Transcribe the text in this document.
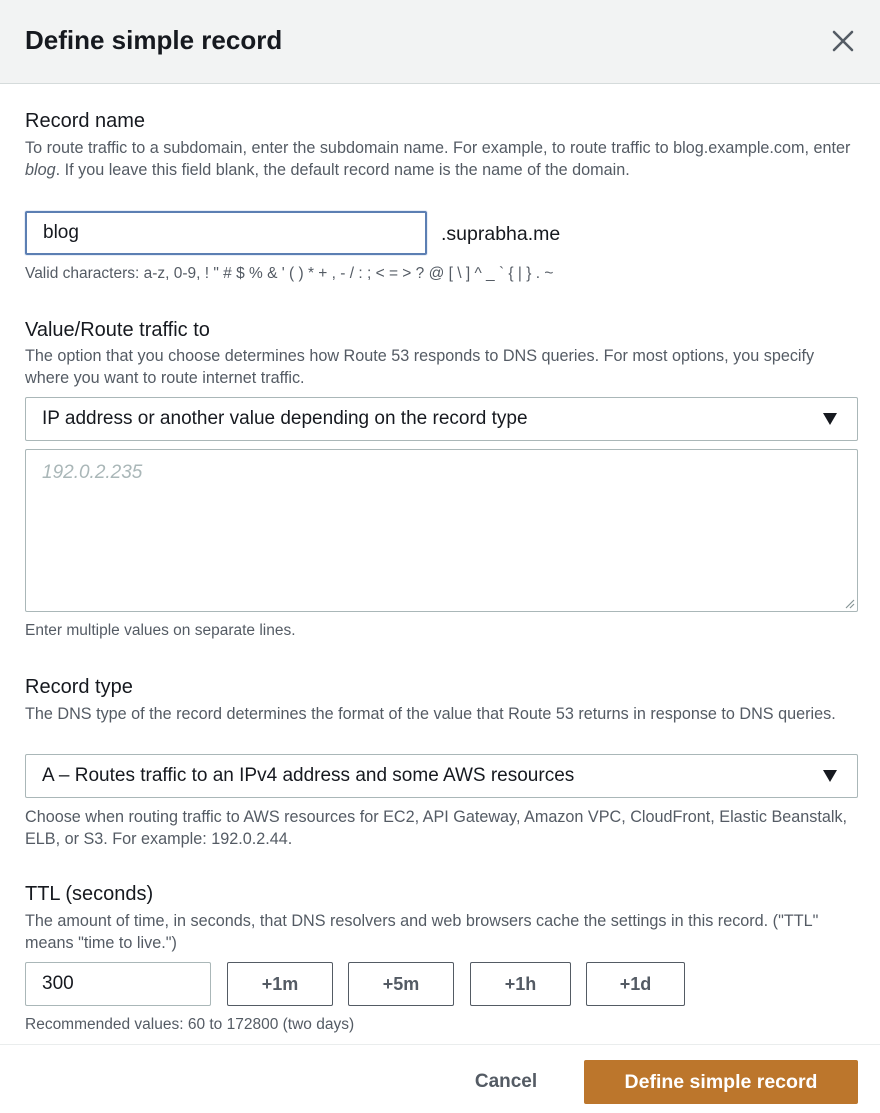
Define simple record
Record name
To route traffic to a subdomain, enter the subdomain name. For example, to route traffic to blog.example.com, enter blog. If you leave this field blank, the default record name is the name of the domain.
blog	.suprabha.me
Valid characters: a-z, 0-9, ! " # $ % & ' ( ) * + , - / : ; < = > ? @ [ \ ] ^ _ ` { | } . ~
Value/Route traffic to
The option that you choose determines how Route 53 responds to DNS queries. For most options, you specify where you want to route internet traffic.
IP address or another value depending on the record type
192.0.2.235
Enter multiple values on separate lines.
Record type
The DNS type of the record determines the format of the value that Route 53 returns in response to DNS queries.
A – Routes traffic to an IPv4 address and some AWS resources
Choose when routing traffic to AWS resources for EC2, API Gateway, Amazon VPC, CloudFront, Elastic Beanstalk, ELB, or S3. For example: 192.0.2.44.
TTL (seconds)
The amount of time, in seconds, that DNS resolvers and web browsers cache the settings in this record. ("TTL" means "time to live.")
300	+1m	+5m	+1h	+1d
Recommended values: 60 to 172800 (two days)
Cancel	Define simple record
